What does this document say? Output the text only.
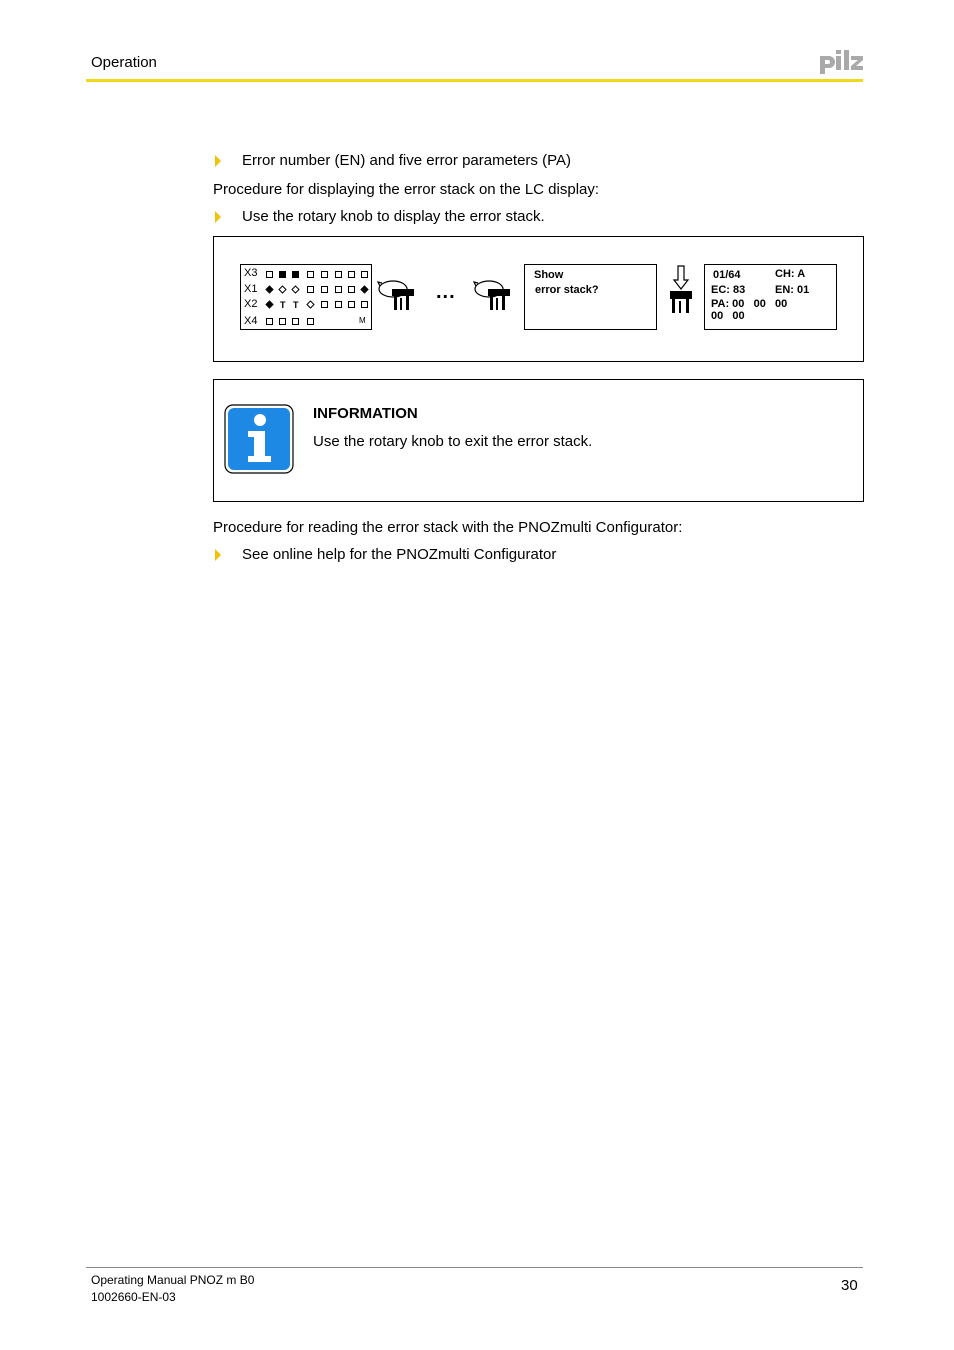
Operation
Error number (EN) and five error parameters (PA)
Procedure for displaying the error stack on the LC display:
Use the rotary knob to display the error stack.
X3
X1
X2
X4	M
T T
...
Show
error stack?
01/64	CH: A
EC: 83	EN: 01
PA: 00   00   00
00   00
INFORMATION
Use the rotary knob to exit the error stack.
Procedure for reading the error stack with the PNOZmulti Configurator:
See online help for the PNOZmulti Configurator
Operating Manual PNOZ m B0
1002660-EN-03
30
